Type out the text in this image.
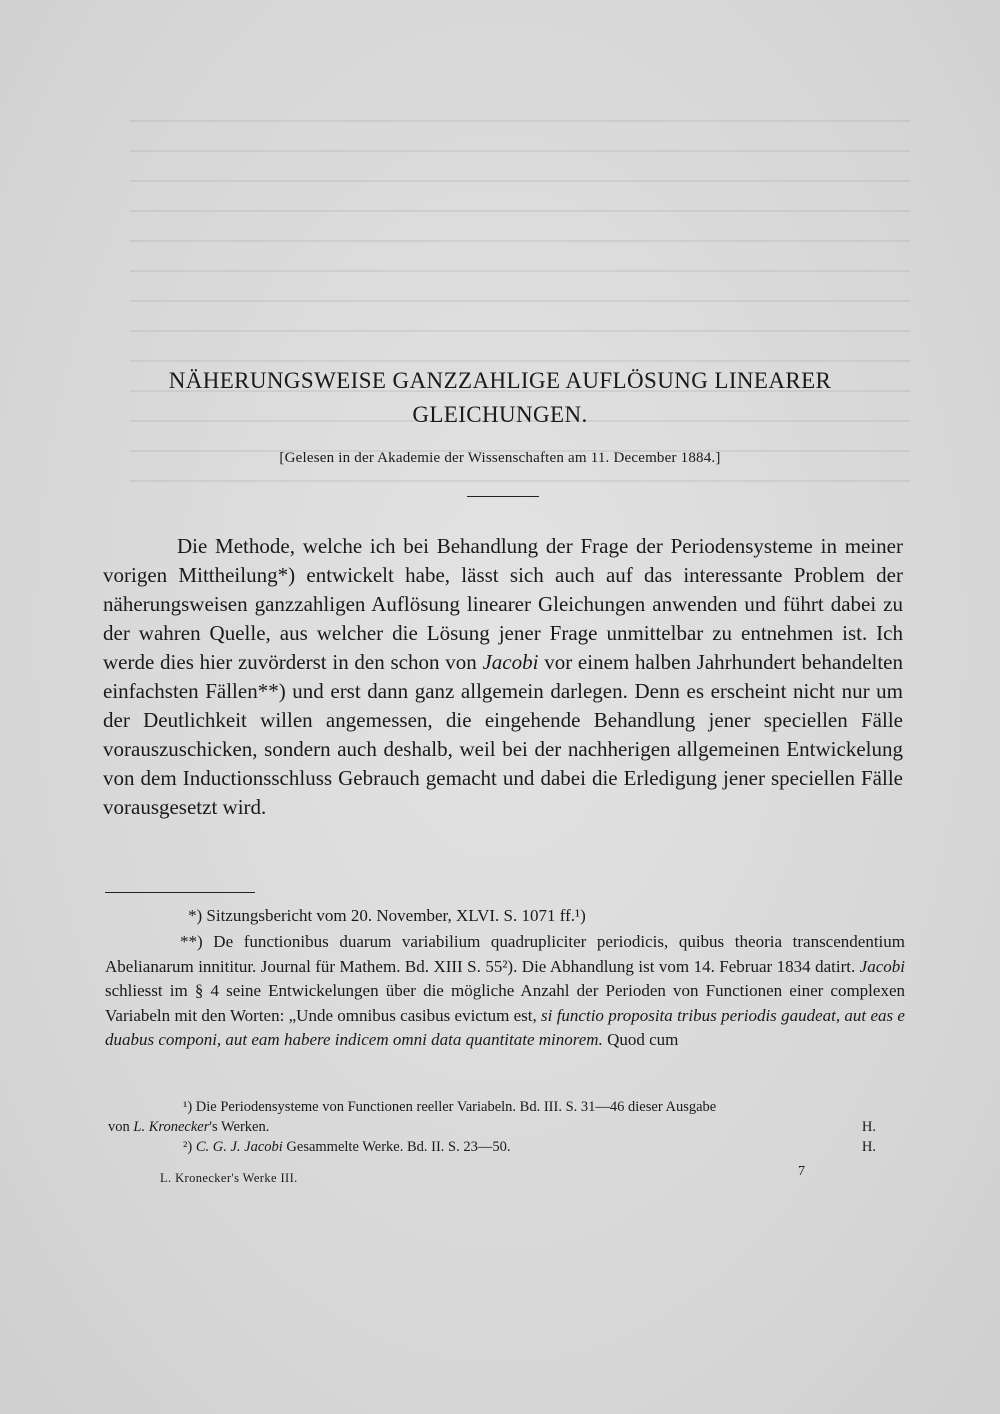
NÄHERUNGSWEISE GANZZAHLIGE AUFLÖSUNG LINEARER
GLEICHUNGEN.

[Gelesen in der Akademie der Wissenschaften am 11. December 1884.]

Die Methode, welche ich bei Behandlung der Frage der Periodensysteme in meiner vorigen Mittheilung*) entwickelt habe, lässt sich auch auf das interessante Problem der näherungsweisen ganzzahligen Auflösung linearer Gleichungen anwenden und führt dabei zu der wahren Quelle, aus welcher die Lösung jener Frage unmittelbar zu entnehmen ist. Ich werde dies hier zuvörderst in den schon von Jacobi vor einem halben Jahrhundert behandelten einfachsten Fällen**) und erst dann ganz allgemein darlegen. Denn es erscheint nicht nur um der Deutlichkeit willen angemessen, die eingehende Behandlung jener speciellen Fälle vorauszuschicken, sondern auch deshalb, weil bei der nachherigen allgemeinen Entwickelung von dem Inductionsschluss Gebrauch gemacht und dabei die Erledigung jener speciellen Fälle vorausgesetzt wird.

*) Sitzungsbericht vom 20. November, XLVI. S. 1071 ff.¹)

**) De functionibus duarum variabilium quadrupliciter periodicis, quibus theoria transcendentium Abelianarum innititur. Journal für Mathem. Bd. XIII S. 55²). Die Abhandlung ist vom 14. Februar 1834 datirt. Jacobi schliesst im § 4 seine Entwickelungen über die mögliche Anzahl der Perioden von Functionen einer complexen Variabeln mit den Worten: „Unde omnibus casibus evictum est, si functio proposita tribus periodis gaudeat, aut eas e duabus componi, aut eam habere indicem omni data quantitate minorem. Quod cum

¹) Die Periodensysteme von Functionen reeller Variabeln. Bd. III. S. 31—46 dieser Ausgabe
von L. Kronecker's Werken.	H.
²) C. G. J. Jacobi Gesammelte Werke. Bd. II. S. 23—50.	H.
L. Kronecker's Werke III.	7
